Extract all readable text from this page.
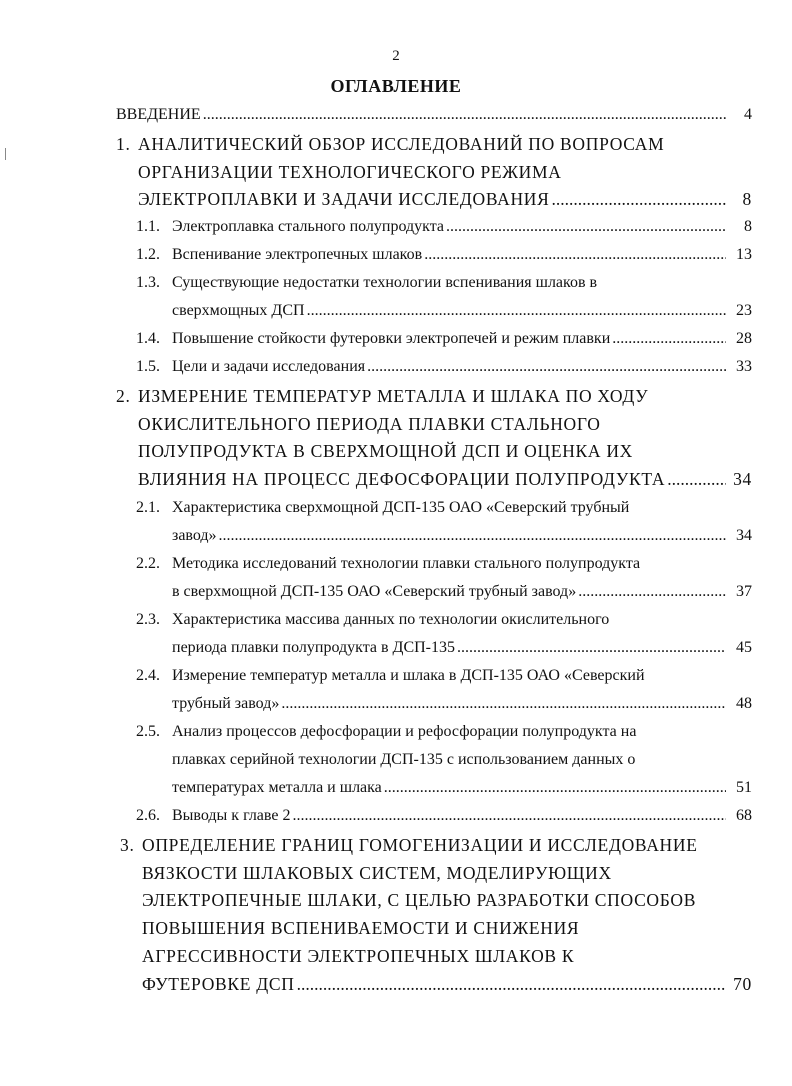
2
ОГЛАВЛЕНИЕ
ВВЕДЕНИЕ .....	4
1. АНАЛИТИЧЕСКИЙ ОБЗОР ИССЛЕДОВАНИЙ ПО ВОПРОСАМ
ОРГАНИЗАЦИИ ТЕХНОЛОГИЧЕСКОГО РЕЖИМА
ЭЛЕКТРОПЛАВКИ И ЗАДАЧИ ИССЛЕДОВАНИЯ .....	8
1.1. Электроплавка стального полупродукта .....	8
1.2. Вспенивание электропечных шлаков .....	13
1.3. Существующие недостатки технологии вспенивания шлаков в
сверхмощных ДСП .....	23
1.4. Повышение стойкости футеровки электропечей и режим плавки .....	28
1.5. Цели и задачи исследования .....	33
2. ИЗМЕРЕНИЕ ТЕМПЕРАТУР МЕТАЛЛА И ШЛАКА ПО ХОДУ
ОКИСЛИТЕЛЬНОГО ПЕРИОДА ПЛАВКИ СТАЛЬНОГО
ПОЛУПРОДУКТА В СВЕРХМОЩНОЙ ДСП И ОЦЕНКА ИХ
ВЛИЯНИЯ НА ПРОЦЕСС ДЕФОСФОРАЦИИ ПОЛУПРОДУКТА .....	34
2.1. Характеристика сверхмощной ДСП-135 ОАО «Северский трубный
завод» .....	34
2.2. Методика исследований технологии плавки стального полупродукта
в сверхмощной ДСП-135 ОАО «Северский трубный завод» .....	37
2.3. Характеристика массива данных по технологии окислительного
периода плавки полупродукта в ДСП-135 .....	45
2.4. Измерение температур металла и шлака в ДСП-135 ОАО «Северский
трубный завод» .....	48
2.5. Анализ процессов дефосфорации и рефосфорации полупродукта на
плавках серийной технологии ДСП-135 с использованием данных о
температурах металла и шлака .....	51
2.6. Выводы к главе 2 .....	68
3. ОПРЕДЕЛЕНИЕ ГРАНИЦ ГОМОГЕНИЗАЦИИ И ИССЛЕДОВАНИЕ
ВЯЗКОСТИ ШЛАКОВЫХ СИСТЕМ, МОДЕЛИРУЮЩИХ
ЭЛЕКТРОПЕЧНЫЕ ШЛАКИ, С ЦЕЛЬЮ РАЗРАБОТКИ СПОСОБОВ
ПОВЫШЕНИЯ ВСПЕНИВАЕМОСТИ И СНИЖЕНИЯ
АГРЕССИВНОСТИ ЭЛЕКТРОПЕЧНЫХ ШЛАКОВ К
ФУТЕРОВКЕ ДСП .....	70
